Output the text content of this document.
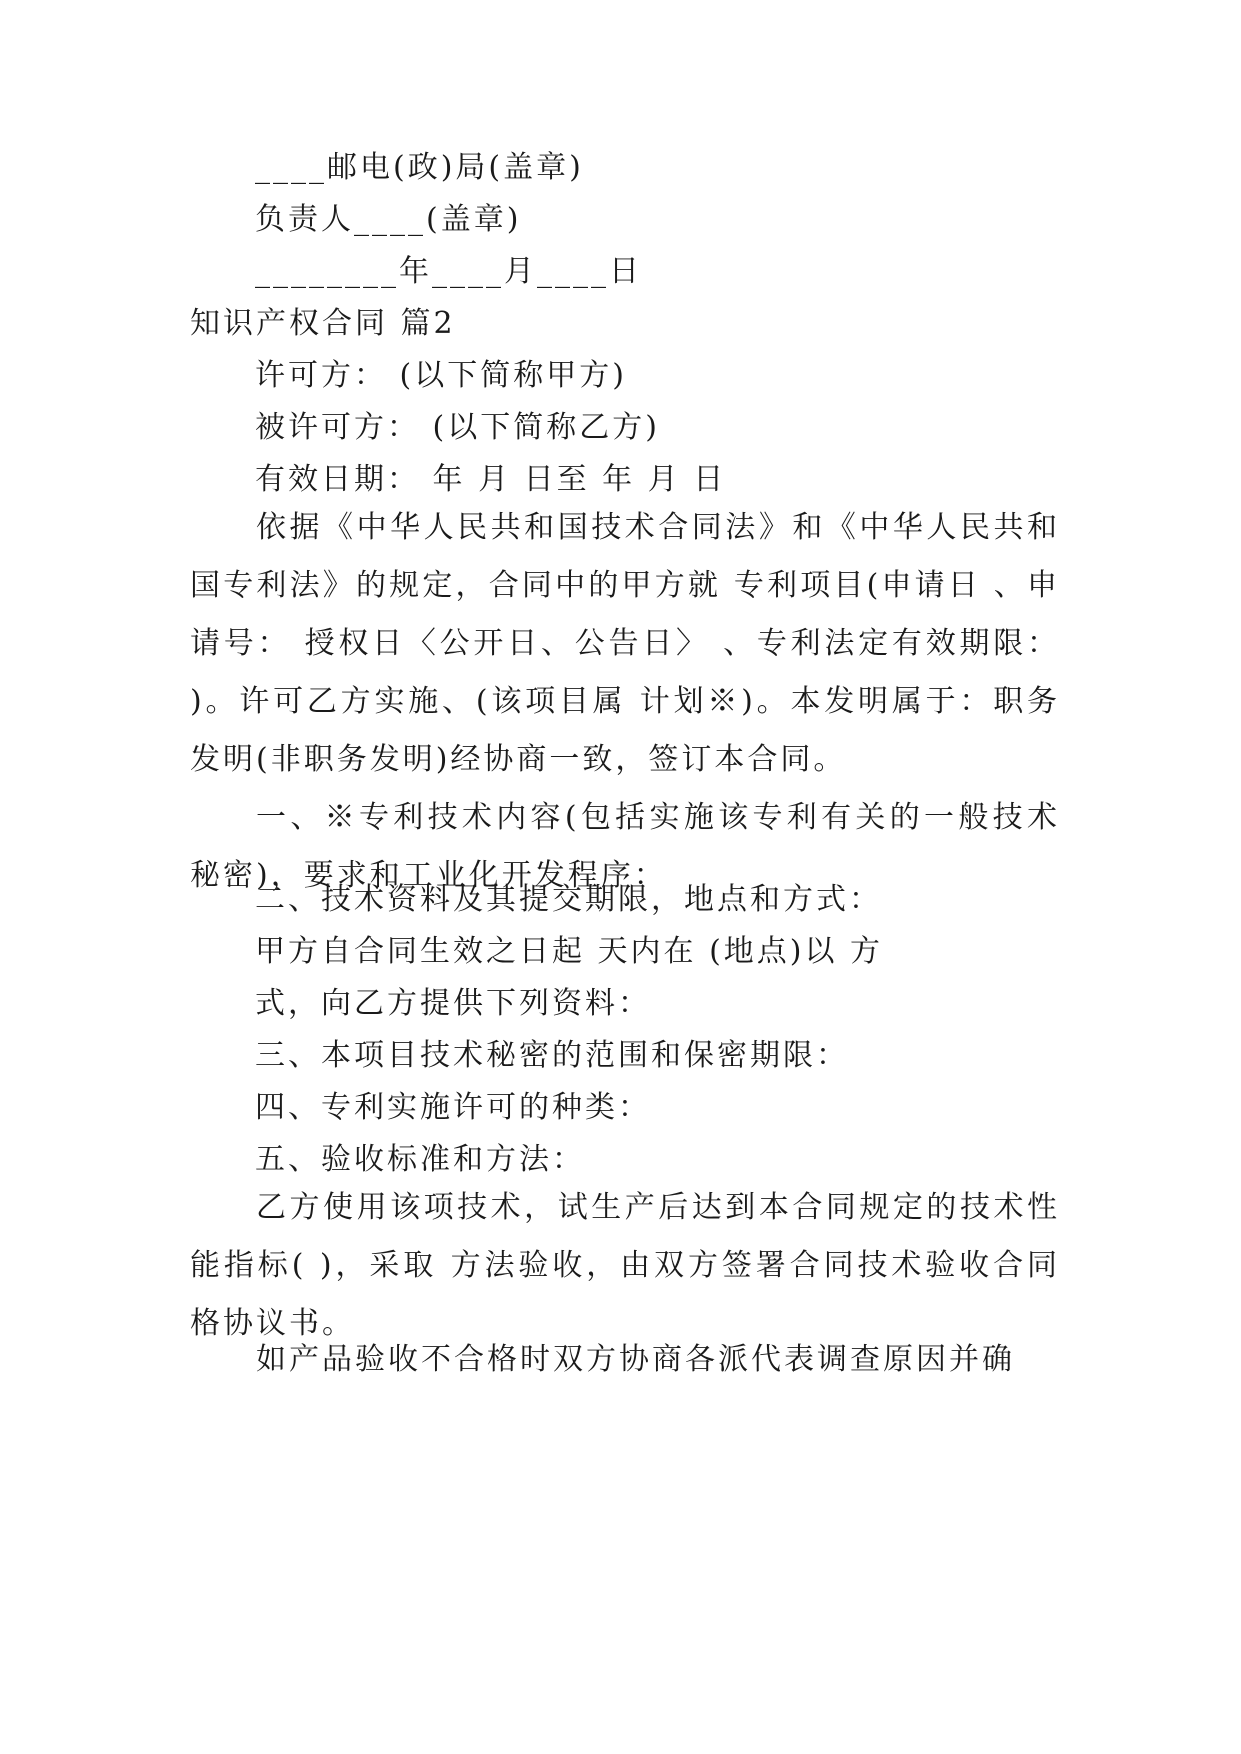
____邮电(政)局(盖章)

负责人____(盖章)

________年____月____日

知识产权合同 篇2

许可方： (以下简称甲方)

被许可方： (以下简称乙方)

有效日期： 年 月 日至 年 月 日

依据《中华人民共和国技术合同法》和《中华人民共和国专利法》的规定，合同中的甲方就 专利项目(申请日 、申请号： 授权日〈公开日、公告日〉 、专利法定有效期限： )。许可乙方实施、(该项目属 计划※)。本发明属于：职务发明(非职务发明)经协商一致，签订本合同。

一、※专利技术内容(包括实施该专利有关的一般技术秘密)，要求和工业化开发程序：

二、技术资料及其提交期限，地点和方式：

甲方自合同生效之日起 天内在 (地点)以 方

式，向乙方提供下列资料：

三、本项目技术秘密的范围和保密期限：

四、专利实施许可的种类：

五、验收标准和方法：

乙方使用该项技术，试生产后达到本合同规定的技术性能指标( )，采取 方法验收，由双方签署合同技术验收合同格协议书。

如产品验收不合格时双方协商各派代表调查原因并确
